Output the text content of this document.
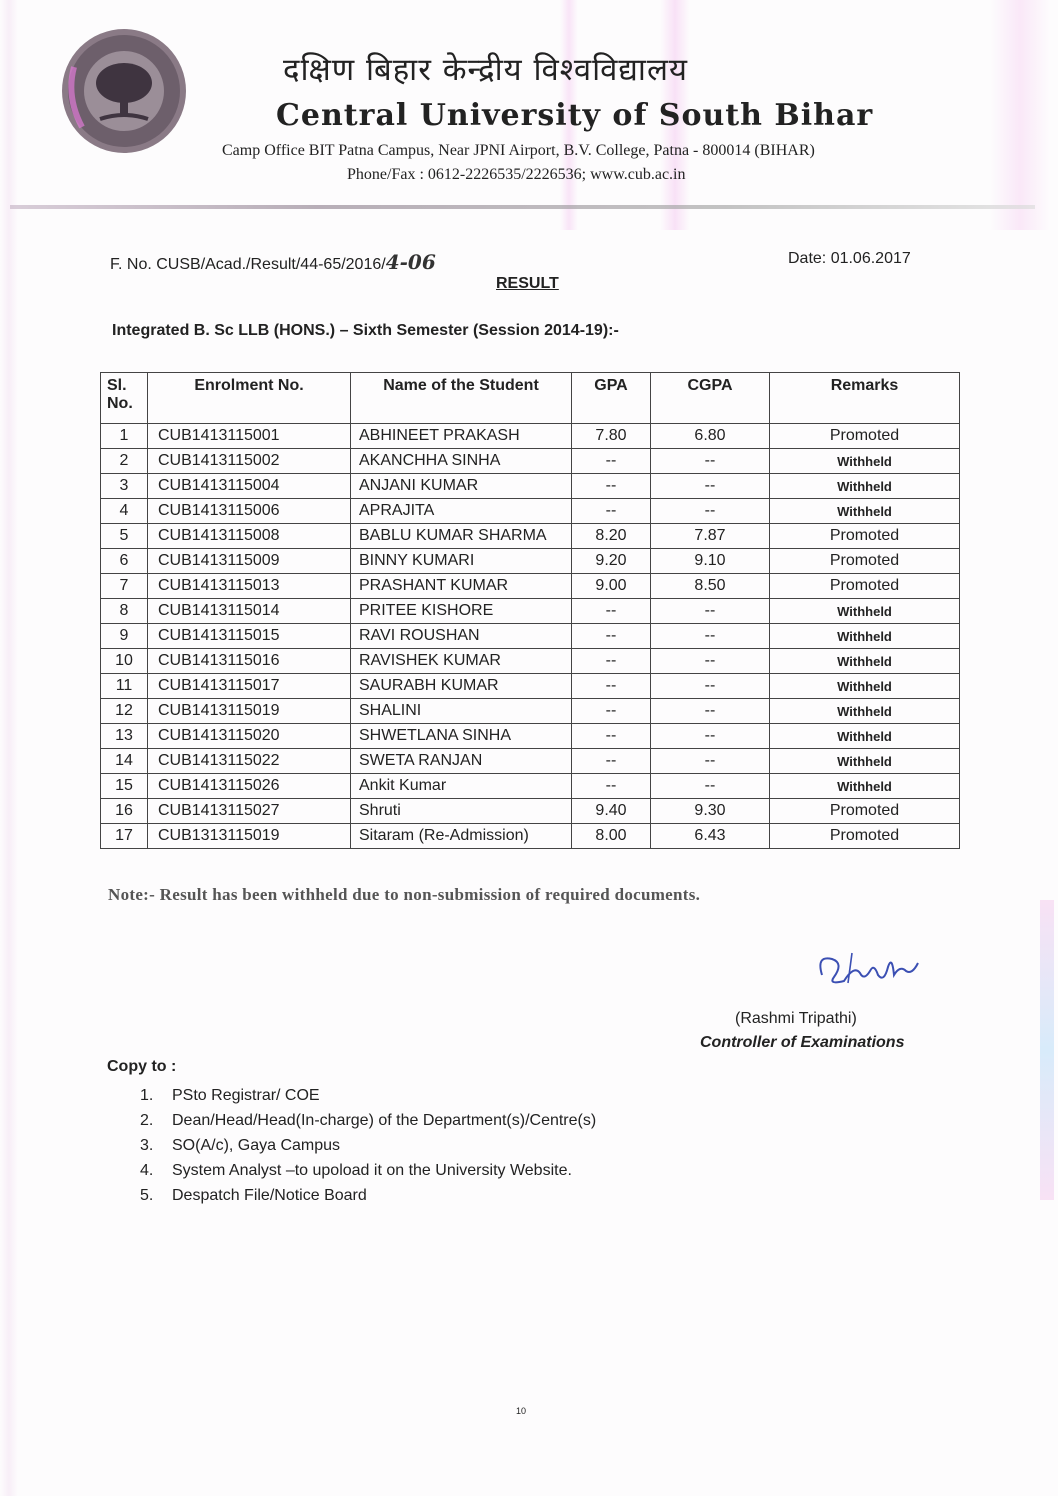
दक्षिण बिहार केन्द्रीय विश्वविद्यालय
Central University of South Bihar
Camp Office BIT Patna Campus, Near JPNI Airport, B.V. College, Patna - 800014 (BIHAR)
Phone/Fax : 0612-2226535/2226536; www.cub.ac.in
F. No. CUSB/Acad./Result/44-65/2016/4-06	Date: 01.06.2017
RESULT
Integrated B. Sc LLB (HONS.) – Sixth Semester (Session 2014-19):-
Sl. No.	Enrolment No.	Name of the Student	GPA	CGPA	Remarks
1	CUB1413115001	ABHINEET PRAKASH	7.80	6.80	Promoted
2	CUB1413115002	AKANCHHA SINHA	--	--	Withheld
3	CUB1413115004	ANJANI KUMAR	--	--	Withheld
4	CUB1413115006	APRAJITA	--	--	Withheld
5	CUB1413115008	BABLU KUMAR SHARMA	8.20	7.87	Promoted
6	CUB1413115009	BINNY KUMARI	9.20	9.10	Promoted
7	CUB1413115013	PRASHANT KUMAR	9.00	8.50	Promoted
8	CUB1413115014	PRITEE KISHORE	--	--	Withheld
9	CUB1413115015	RAVI ROUSHAN	--	--	Withheld
10	CUB1413115016	RAVISHEK KUMAR	--	--	Withheld
11	CUB1413115017	SAURABH KUMAR	--	--	Withheld
12	CUB1413115019	SHALINI	--	--	Withheld
13	CUB1413115020	SHWETLANA SINHA	--	--	Withheld
14	CUB1413115022	SWETA RANJAN	--	--	Withheld
15	CUB1413115026	Ankit Kumar	--	--	Withheld
16	CUB1413115027	Shruti	9.40	9.30	Promoted
17	CUB1313115019	Sitaram (Re-Admission)	8.00	6.43	Promoted
Note:- Result has been withheld due to non-submission of required documents.
(Rashmi Tripathi)
Controller of Examinations
Copy to :
1. PSto Registrar/ COE
2. Dean/Head/Head(In-charge) of the Department(s)/Centre(s)
3. SO(A/c), Gaya Campus
4. System Analyst –to upoload it on the University Website.
5. Despatch File/Notice Board
10
